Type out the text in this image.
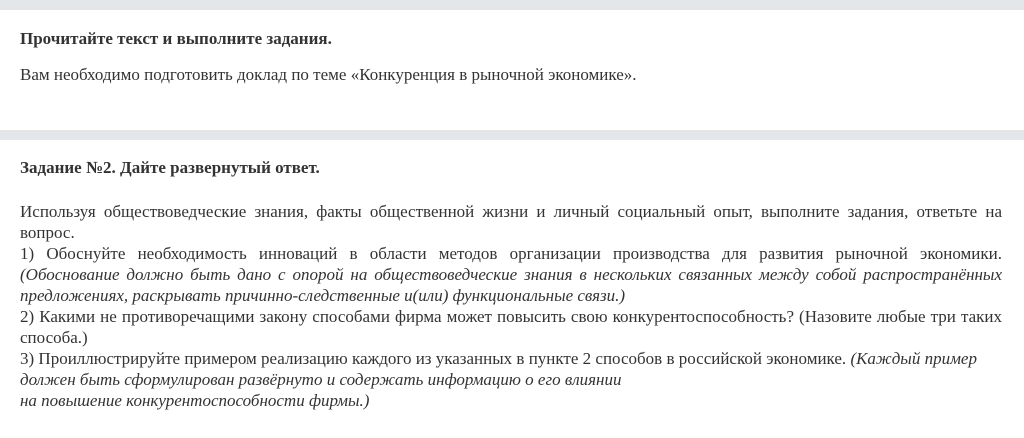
Прочитайте текст и выполните задания.

Вам необходимо подготовить доклад по теме «Конкуренция в рыночной экономике».

Задание №2. Дайте развернутый ответ.

Используя обществоведческие знания, факты общественной жизни и личный социальный опыт, выполните задания, ответьте на вопрос.

1) Обоснуйте необходимость инноваций в области методов организации производства для развития рыночной экономики. (Обоснование должно быть дано с опорой на обществоведческие знания в нескольких связанных между собой распространённых предложениях, раскрывать причинно-следственные и(или) функциональные связи.)

2) Какими не противоречащими закону способами фирма может повысить свою конкурентоспособность? (Назовите любые три таких способа.)

3) Проиллюстрируйте примером реализацию каждого из указанных в пункте 2 способов в российской экономике. (Каждый пример должен быть сформулирован развёрнуто и содержать информацию о его влиянии
на повышение конкурентоспособности фирмы.)
